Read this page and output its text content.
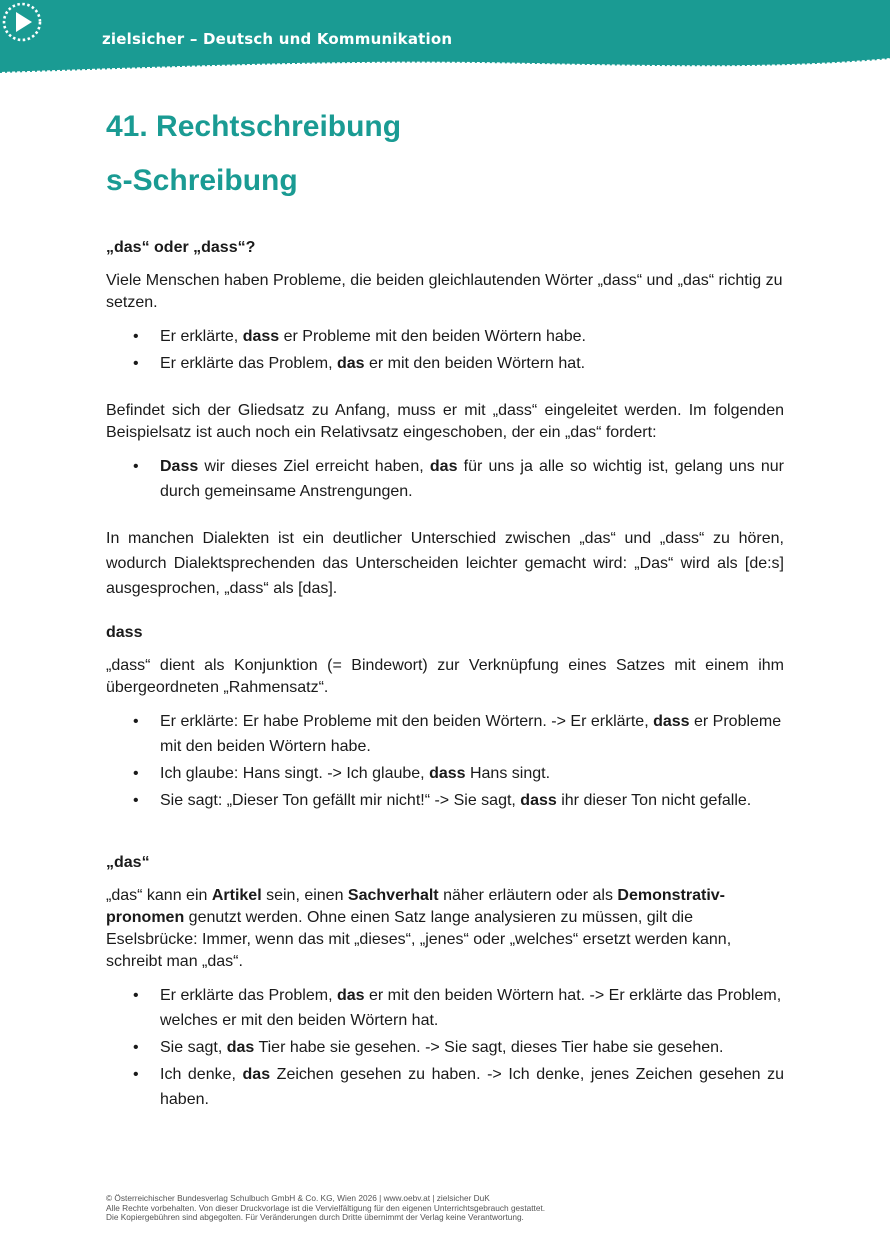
zielsicher – Deutsch und Kommunikation
41. Rechtschreibung
s-Schreibung
„das“ oder „dass“?

Viele Menschen haben Probleme, die beiden gleichlautenden Wörter „dass“ und „das“ richtig zu setzen.

• Er erklärte, dass er Probleme mit den beiden Wörtern habe.
• Er erklärte das Problem, das er mit den beiden Wörtern hat.

Befindet sich der Gliedsatz zu Anfang, muss er mit „dass“ eingeleitet werden. Im folgenden Beispielsatz ist auch noch ein Relativsatz eingeschoben, der ein „das“ fordert:

• Dass wir dieses Ziel erreicht haben, das für uns ja alle so wichtig ist, gelang uns nur durch gemeinsame Anstrengungen.

In manchen Dialekten ist ein deutlicher Unterschied zwischen „das“ und „dass“ zu hören, wodurch Dialektsprechenden das Unterscheiden leichter gemacht wird: „Das“ wird als [de:s] ausgesprochen, „dass“ als [das].

dass

„dass“ dient als Konjunktion (= Bindewort) zur Verknüpfung eines Satzes mit einem ihm übergeordneten „Rahmensatz“.

• Er erklärte: Er habe Probleme mit den beiden Wörtern. -> Er erklärte, dass er Probleme mit den beiden Wörtern habe.
• Ich glaube: Hans singt. -> Ich glaube, dass Hans singt.
• Sie sagt: „Dieser Ton gefällt mir nicht!“ -> Sie sagt, dass ihr dieser Ton nicht gefalle.
„das“

„das“ kann ein Artikel sein, einen Sachverhalt näher erläutern oder als Demonstrativ-pronomen genutzt werden. Ohne einen Satz lange analysieren zu müssen, gilt die Eselsbrücke: Immer, wenn das mit „dieses“, „jenes“ oder „welches“ ersetzt werden kann, schreibt man „das“.

• Er erklärte das Problem, das er mit den beiden Wörtern hat. -> Er erklärte das Problem, welches er mit den beiden Wörtern hat.
• Sie sagt, das Tier habe sie gesehen. -> Sie sagt, dieses Tier habe sie gesehen.
• Ich denke, das Zeichen gesehen zu haben. -> Ich denke, jenes Zeichen gesehen zu haben.
© Österreichischer Bundesverlag Schulbuch GmbH & Co. KG, Wien 2026 | www.oebv.at | zielsicher DuK
Alle Rechte vorbehalten. Von dieser Druckvorlage ist die Vervielfältigung für den eigenen Unterrichtsgebrauch gestattet.
Die Kopiergebühren sind abgegolten. Für Veränderungen durch Dritte übernimmt der Verlag keine Verantwortung.
